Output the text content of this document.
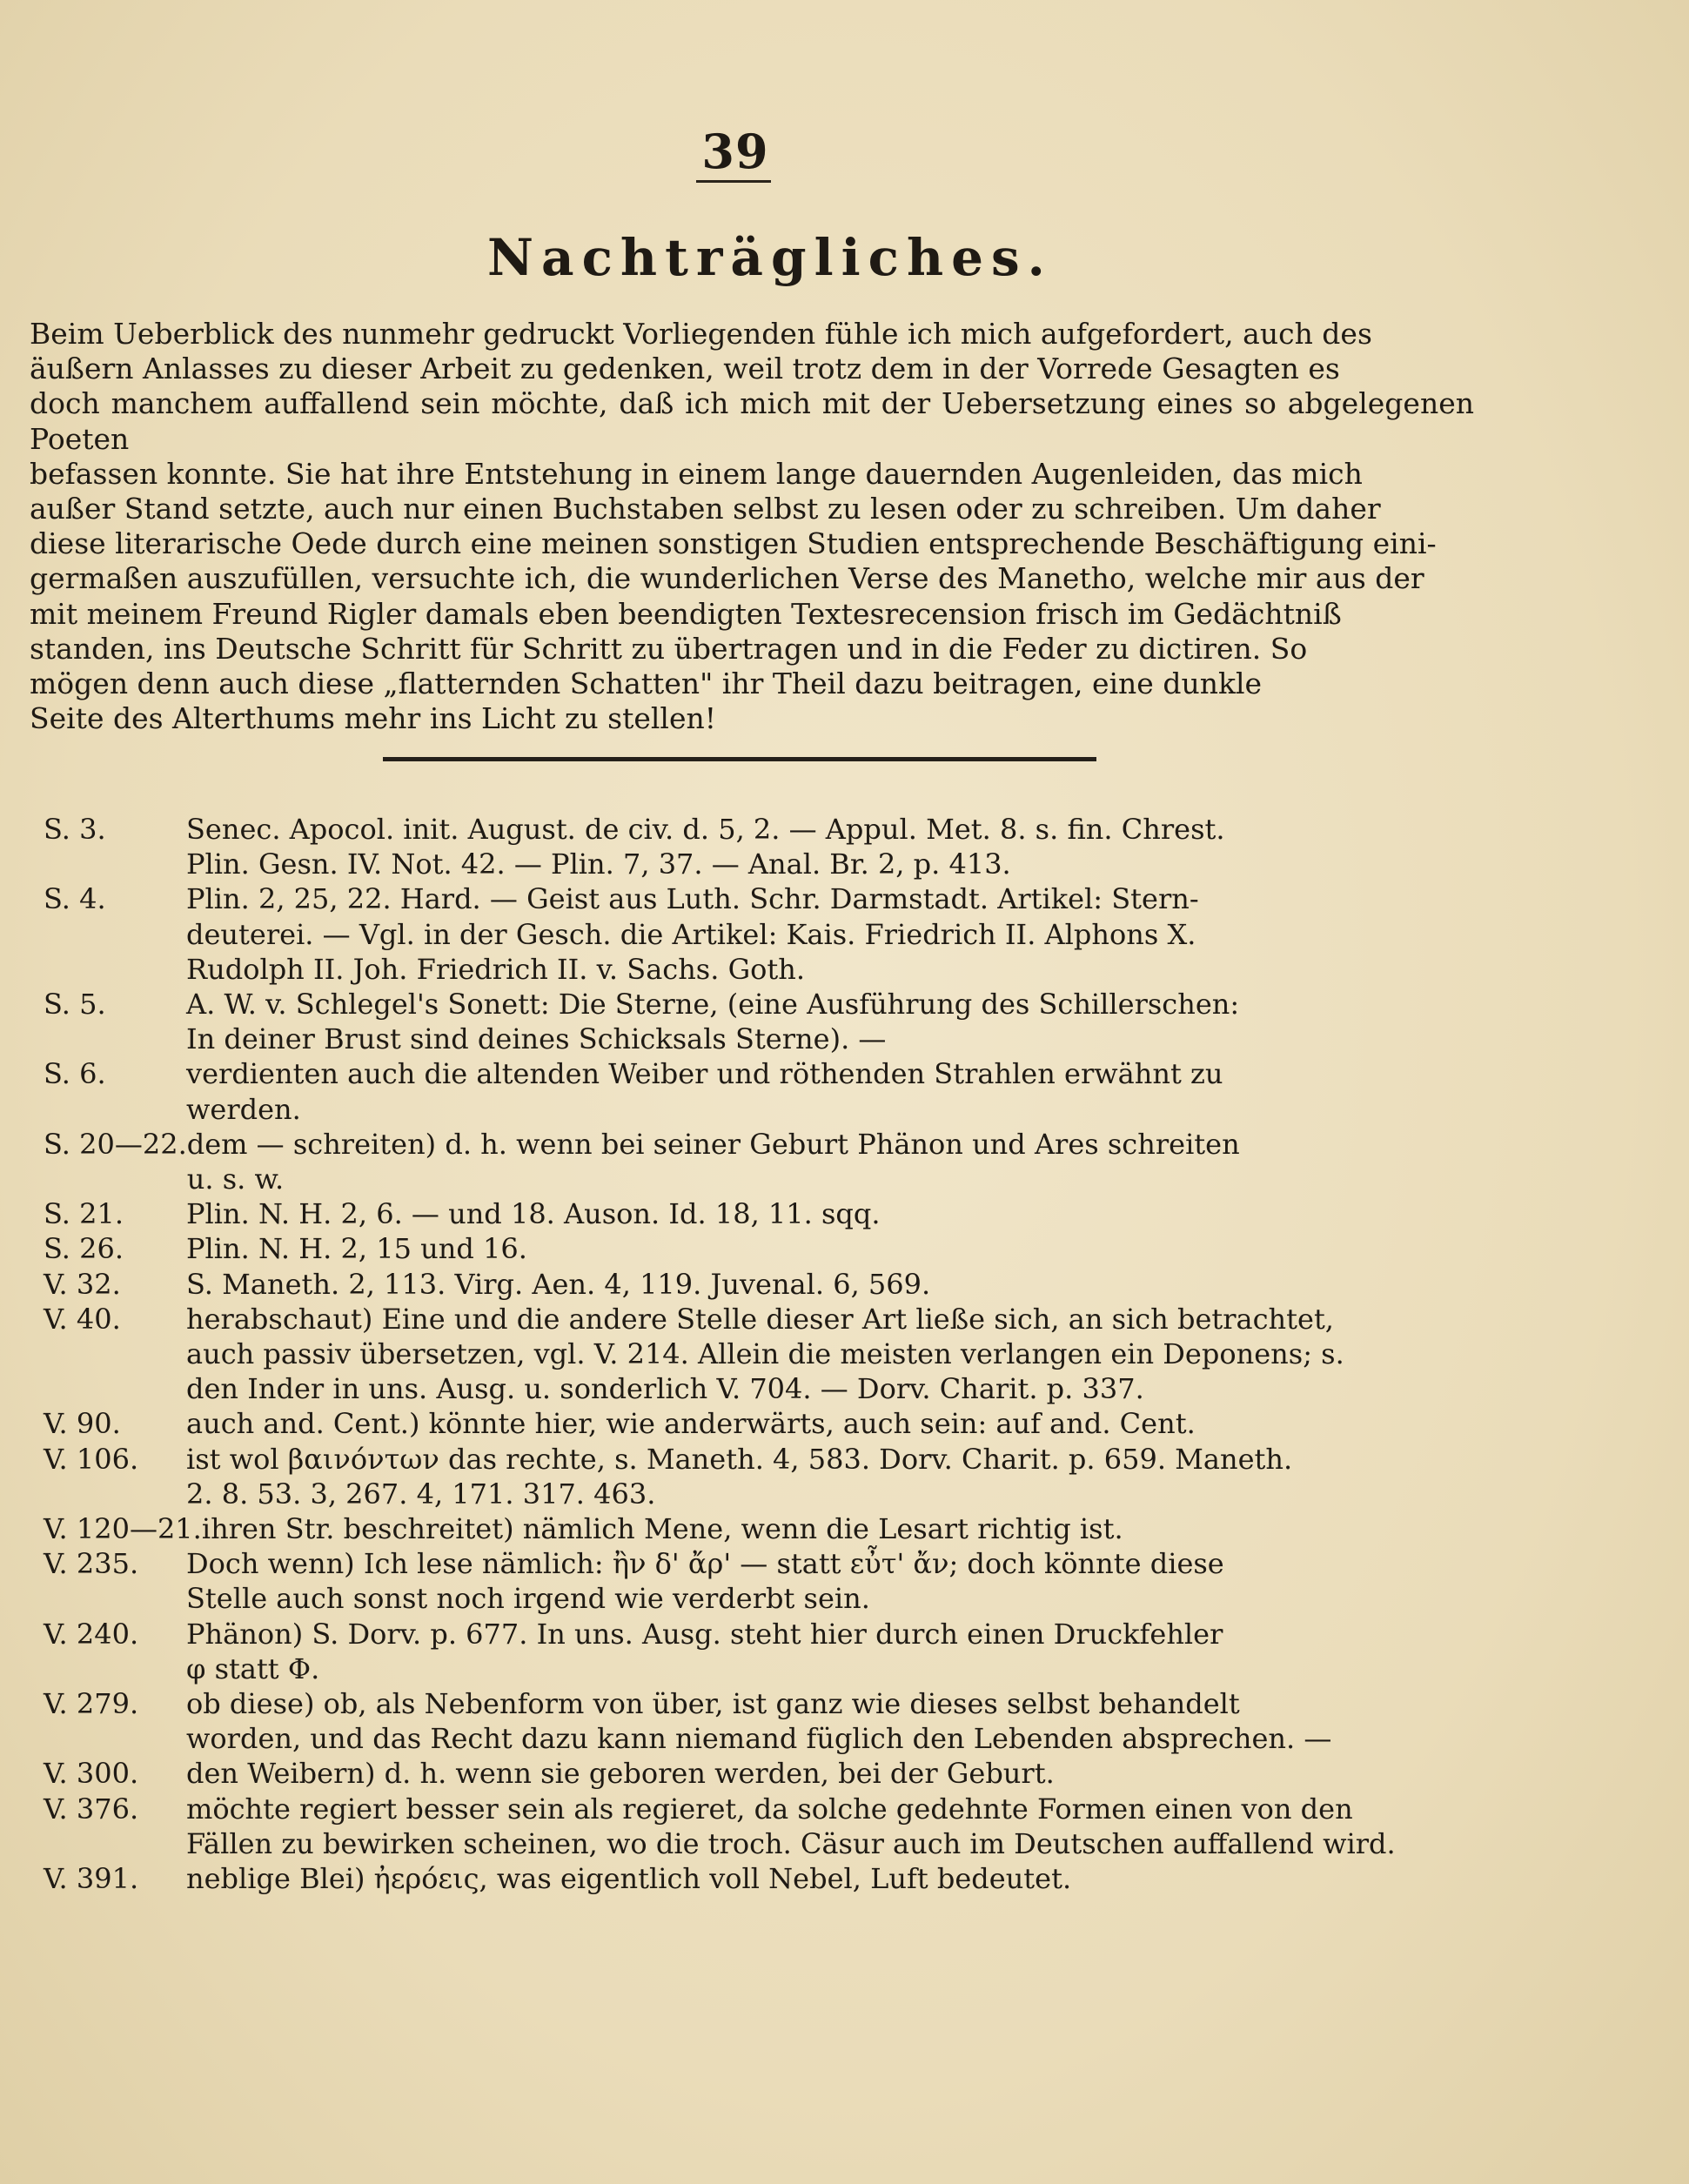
39
Nachträgliches.
Beim Ueberblick des nunmehr gedruckt Vorliegenden fühle ich mich aufgefordert, auch des
äußern Anlasses zu dieser Arbeit zu gedenken, weil trotz dem in der Vorrede Gesagten es
doch manchem auffallend sein möchte, daß ich mich mit der Uebersetzung eines so abgelegenen Poeten
befassen konnte. Sie hat ihre Entstehung in einem lange dauernden Augenleiden, das mich
außer Stand setzte, auch nur einen Buchstaben selbst zu lesen oder zu schreiben. Um daher
diese literarische Oede durch eine meinen sonstigen Studien entsprechende Beschäftigung eini-
germaßen auszufüllen, versuchte ich, die wunderlichen Verse des Manetho, welche mir aus der
mit meinem Freund Rigler damals eben beendigten Textesrecension frisch im Gedächtniß
standen, ins Deutsche Schritt für Schritt zu übertragen und in die Feder zu dictiren. So
mögen denn auch diese „flatternden Schatten" ihr Theil dazu beitragen, eine dunkle
Seite des Alterthums mehr ins Licht zu stellen!
S. 3.	Senec. Apocol. init. August. de civ. d. 5, 2. — Appul. Met. 8. s. fin. Chrest.
Plin. Gesn. IV. Not. 42. — Plin. 7, 37. — Anal. Br. 2, p. 413.
S. 4.	Plin. 2, 25, 22. Hard. — Geist aus Luth. Schr. Darmstadt. Artikel: Stern-
deuterei. — Vgl. in der Gesch. die Artikel: Kais. Friedrich II. Alphons X.
Rudolph II. Joh. Friedrich II. v. Sachs. Goth.
S. 5.	A. W. v. Schlegel's Sonett: Die Sterne, (eine Ausführung des Schillerschen:
In deiner Brust sind deines Schicksals Sterne). —
S. 6.	verdienten auch die altenden Weiber und röthenden Strahlen erwähnt zu
werden.
S. 20—22. dem — schreiten) d. h. wenn bei seiner Geburt Phänon und Ares schreiten
u. s. w.
S. 21.	Plin. N. H. 2, 6. — und 18. Auson. Id. 18, 11. sqq.
S. 26.	Plin. N. H. 2, 15 und 16.
V. 32.	S. Maneth. 2, 113. Virg. Aen. 4, 119. Juvenal. 6, 569.
V. 40.	herabschaut) Eine und die andere Stelle dieser Art ließe sich, an sich betrachtet,
auch passiv übersetzen, vgl. V. 214. Allein die meisten verlangen ein Deponens; s.
den Inder in uns. Ausg. u. sonderlich V. 704. — Dorv. Charit. p. 337.
V. 90.	auch and. Cent.) könnte hier, wie anderwärts, auch sein: auf and. Cent.
V. 106.	ist wol βαινόντων das rechte, s. Maneth. 4, 583. Dorv. Charit. p. 659. Maneth.
2. 8. 53. 3, 267. 4, 171. 317. 463.
V. 120—21. ihren Str. beschreitet) nämlich Mene, wenn die Lesart richtig ist.
V. 235.	Doch wenn) Ich lese nämlich: ἢν δ' ἄρ' — statt εὖτ' ἄν; doch könnte diese
Stelle auch sonst noch irgend wie verderbt sein.
V. 240.	Phänon) S. Dorv. p. 677. In uns. Ausg. steht hier durch einen Druckfehler
φ statt Φ.
V. 279.	ob diese) ob, als Nebenform von über, ist ganz wie dieses selbst behandelt
worden, und das Recht dazu kann niemand füglich den Lebenden absprechen. —
V. 300.	den Weibern) d. h. wenn sie geboren werden, bei der Geburt.
V. 376.	möchte regiert besser sein als regieret, da solche gedehnte Formen einen von den
Fällen zu bewirken scheinen, wo die troch. Cäsur auch im Deutschen auffallend wird.
V. 391.	neblige Blei) ἠερόεις, was eigentlich voll Nebel, Luft bedeutet.
